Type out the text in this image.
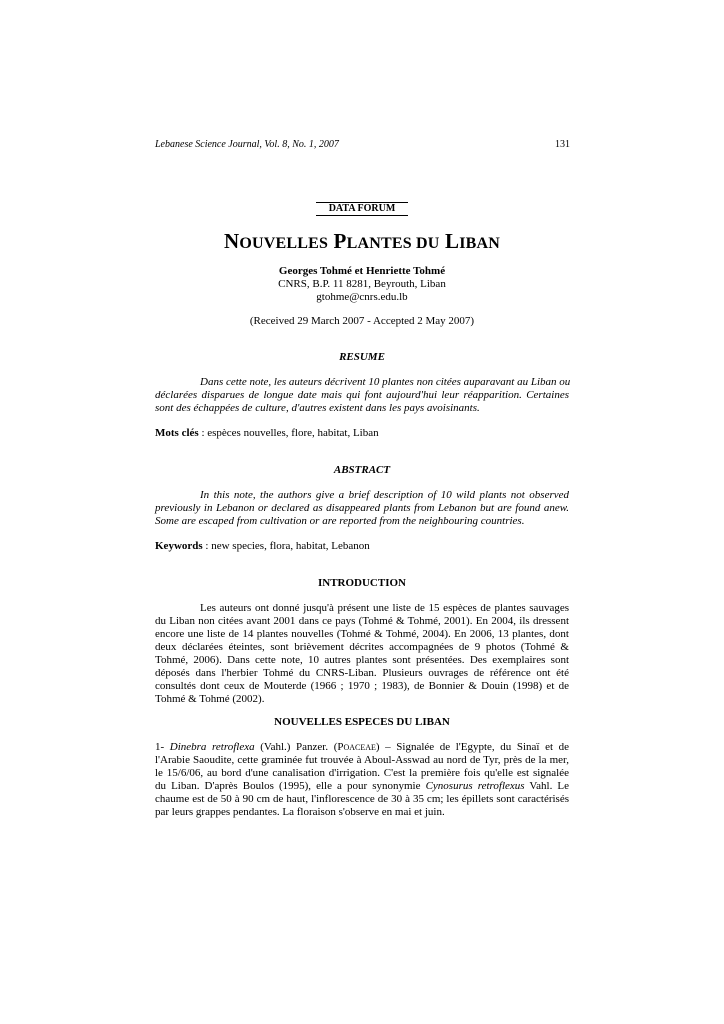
Lebanese Science Journal, Vol. 8, No. 1, 2007	131
DATA FORUM
NOUVELLES PLANTES DU LIBAN
Georges Tohmé et Henriette Tohmé
CNRS, B.P. 11 8281, Beyrouth, Liban
gtohme@cnrs.edu.lb
(Received 29 March 2007 - Accepted 2 May 2007)
RESUME
Dans cette note, les auteurs décrivent 10 plantes non citées auparavant au Liban ou
déclarées disparues de longue date mais qui font aujourd'hui leur réapparition. Certaines
sont des échappées de culture, d'autres existent dans les pays avoisinants.
Mots clés : espèces nouvelles, flore, habitat, Liban
ABSTRACT
In this note, the authors give a brief description of 10 wild plants not observed
previously in Lebanon or declared as disappeared plants from Lebanon but are found anew.
Some are escaped from cultivation or are reported from the neighbouring countries.
Keywords : new species, flora, habitat, Lebanon
INTRODUCTION
Les auteurs ont donné jusqu'à présent une liste de 15 espèces de plantes sauvages
du Liban non citées avant 2001 dans ce pays (Tohmé & Tohmé, 2001). En 2004, ils dressent
encore une liste de 14 plantes nouvelles (Tohmé & Tohmé, 2004). En 2006, 13 plantes, dont
deux déclarées éteintes, sont brièvement décrites accompagnées de 9 photos (Tohmé &
Tohmé, 2006). Dans cette note, 10 autres plantes sont présentées. Des exemplaires sont
déposés dans l'herbier Tohmé du CNRS-Liban. Plusieurs ouvrages de référence ont été
consultés dont ceux de Mouterde (1966 ; 1970 ; 1983), de Bonnier & Douin (1998) et de
Tohmé & Tohmé (2002).
NOUVELLES ESPECES DU LIBAN
1- Dinebra retroflexa (Vahl.) Panzer. (Poaceae) – Signalée de l'Egypte, du Sinaï et de
l'Arabie Saoudite, cette graminée fut trouvée à Aboul-Asswad au nord de Tyr, près de la mer,
le 15/6/06, au bord d'une canalisation d'irrigation. C'est la première fois qu'elle est signalée
du Liban. D'après Boulos (1995), elle a pour synonymie Cynosurus retroflexus Vahl. Le
chaume est de 50 à 90 cm de haut, l'inflorescence de 30 à 35 cm; les épillets sont caractérisés
par leurs grappes pendantes. La floraison s'observe en mai et juin.
